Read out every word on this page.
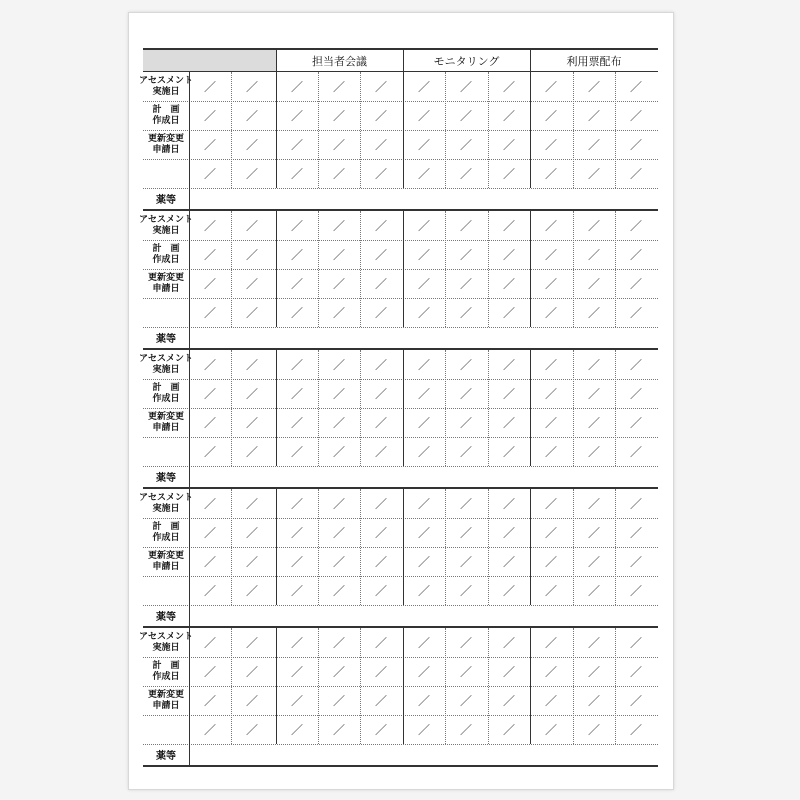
担当者会議	モニタリング	利用票配布
アセスメント
実施日	／	／	／	／	／	／	／	／	／	／	／
計　画
作成日	／	／	／	／	／	／	／	／	／	／	／
更新変更
申請日	／	／	／	／	／	／	／	／	／	／	／
／	／	／	／	／	／	／	／	／	／	／
薬等
アセスメント
実施日	／	／	／	／	／	／	／	／	／	／	／
計　画
作成日	／	／	／	／	／	／	／	／	／	／	／
更新変更
申請日	／	／	／	／	／	／	／	／	／	／	／
／	／	／	／	／	／	／	／	／	／	／
薬等
アセスメント
実施日	／	／	／	／	／	／	／	／	／	／	／
計　画
作成日	／	／	／	／	／	／	／	／	／	／	／
更新変更
申請日	／	／	／	／	／	／	／	／	／	／	／
／	／	／	／	／	／	／	／	／	／	／
薬等
アセスメント
実施日	／	／	／	／	／	／	／	／	／	／	／
計　画
作成日	／	／	／	／	／	／	／	／	／	／	／
更新変更
申請日	／	／	／	／	／	／	／	／	／	／	／
／	／	／	／	／	／	／	／	／	／	／
薬等
アセスメント
実施日	／	／	／	／	／	／	／	／	／	／	／
計　画
作成日	／	／	／	／	／	／	／	／	／	／	／
更新変更
申請日	／	／	／	／	／	／	／	／	／	／	／
／	／	／	／	／	／	／	／	／	／	／
薬等
